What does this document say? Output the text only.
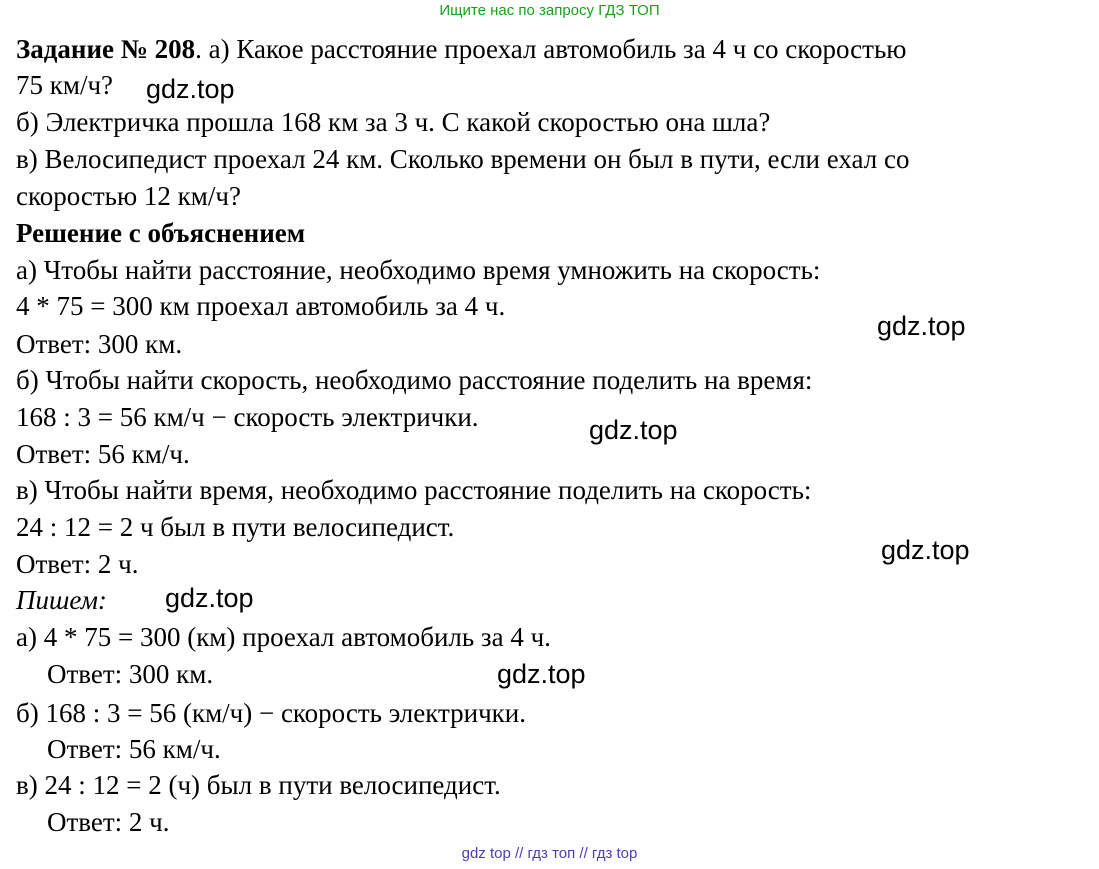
Ищите нас по запросу ГДЗ ТОП
Задание № 208. а) Какое расстояние проехал автомобиль за 4 ч со скоростью
75 км/ч?
б) Электричка прошла 168 км за 3 ч. С какой скоростью она шла?
в) Велосипедист проехал 24 км. Сколько времени он был в пути, если ехал со
скоростью 12 км/ч?
Решение с объяснением
а) Чтобы найти расстояние, необходимо время умножить на скорость:
4 * 75 = 300 км проехал автомобиль за 4 ч.
Ответ: 300 км.
б) Чтобы найти скорость, необходимо расстояние поделить на время:
168 : 3 = 56 км/ч − скорость электрички.
Ответ: 56 км/ч.
в) Чтобы найти время, необходимо расстояние поделить на скорость:
24 : 12 = 2 ч был в пути велосипедист.
Ответ: 2 ч.
Пишем:
а) 4 * 75 = 300 (км) проехал автомобиль за 4 ч.
Ответ: 300 км.
б) 168 : 3 = 56 (км/ч) − скорость электрички.
Ответ: 56 км/ч.
в) 24 : 12 = 2 (ч) был в пути велосипедист.
Ответ: 2 ч.
gdz.top
gdz.top
gdz.top
gdz.top
gdz.top
gdz.top
gdz top // гдз топ // гдз top
